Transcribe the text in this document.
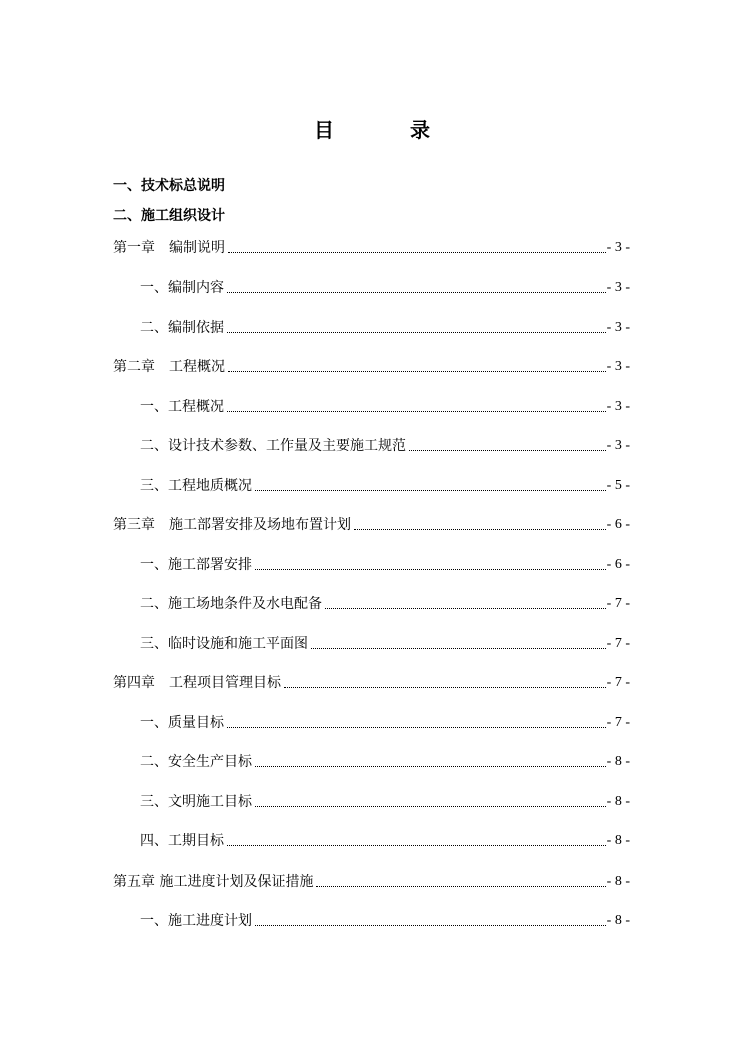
目　录
一、技术标总说明
二、施工组织设计
第一章　编制说明	- 3 -
一、编制内容	- 3 -
二、编制依据	- 3 -
第二章　工程概况	- 3 -
一、工程概况	- 3 -
二、设计技术参数、工作量及主要施工规范	- 3 -
三、工程地质概况	- 5 -
第三章　施工部署安排及场地布置计划	- 6 -
一、施工部署安排	- 6 -
二、施工场地条件及水电配备	- 7 -
三、临时设施和施工平面图	- 7 -
第四章　工程项目管理目标	- 7 -
一、质量目标	- 7 -
二、安全生产目标	- 8 -
三、文明施工目标	- 8 -
四、工期目标	- 8 -
第五章 施工进度计划及保证措施	- 8 -
一、施工进度计划	- 8 -
